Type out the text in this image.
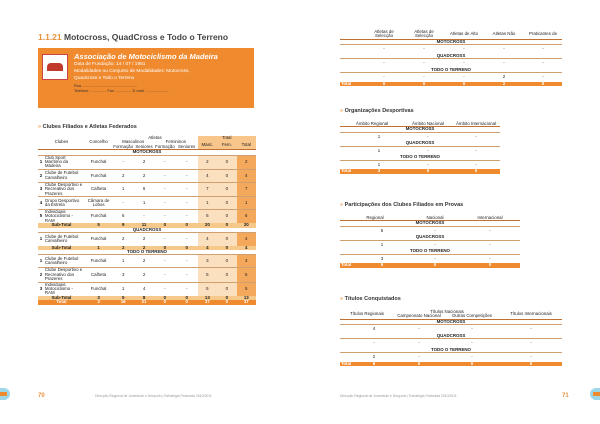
1.1.21 Motocross, QuadCross e Todo o Terreno
Associação de Motociclismo da Madeira
Data de Fundação: 14 / 07 / 1981
Modalidades ou Conjunto de Modalidades: Motocross,
Quadcross e Todo o Terreno
Rua ....................................................
Telefone: ............... Fax: ............... E-mail: ......................
» Clubes Filiados e Atletas Federados
Clubes		Concelho	Atletas				Total		
			Masculinos		Femininos		Masc.	Fem.	Total
			Formação	Seniores	Formação	Seniores			
MOTOCROSS									
1	Club Sport Marítimo da Madeira	Funchal	-	2	-	-	2	0	2
2	Clube de Futebol Carvalheiro	Funchal	2	2	-	-	4	0	4
3	Clube Desportivo e Recreativo dos Prazeres	Calheta	1	6	-	-	7	0	7
4	Grupo Desportivo da Estrela	Câmara de Lobos	-	1	-	-	1	0	1
5	Individuais Motociclismo - RAM	Funchal	6	-	-	-	6	0	6
Sub-Total		5	9	11	0	0	20	0	20
QUADCROSS									
1	Clube de Futebol Carvalheiro	Funchal	2	2	-	-	4	0	4
Sub-Total		1	2	2	0	0	4	0	4
TODO O TERRENO									
1	Clube de Futebol Carvalheiro	Funchal	1	2	-	-	3	0	3
2	Clube Desportivo e Recreativo dos Prazeres	Calheta	3	2	-	-	5	0	5
3	Individuais Motociclismo - RAM	Funchal	1	4	-	-	5	0	5
Sub-Total		3	5	8	0	0	13	0	13
Total		3	16	21	0	0	37	0	37
70	Direcção Regional de Juventude e Desporto | Estratégia Federada 2010/2011
	Atletas de Selecção	Atletas de Selecção	Atletas de Alto	Atletas Não	Praticantes de
MOTOCROSS					
	-	-	-	-	-
QUADCROSS					
	-	-	-	-	-
TODO O TERRENO					
	-	-	-	2	-
Total	0	0	0	2	0
» Organizações Desportivas
Âmbito Regional		Âmbito Nacional	Âmbito Internacional
MOTOCROSS			
	1	-	-
QUADCROSS			
	1	-	-
TODO O TERRENO			
	1	-	-
Total	3	0	0
» Participações dos Clubes Filiados em Provas
Regional		Nacional	Internacional
MOTOCROSS			
	5	-	-
QUADCROSS			
	1	-	-
TODO O TERRENO			
	3	-	-
Total	9	0	0
» Títulos Conquistados
Títulos Regionais		Títulos Nacionais		Títulos Internacionais
		Campeonato Nacional	Outras Competições	
MOTOCROSS				
	4	-	-	-
QUADCROSS				
	-	-	-	-
TODO O TERRENO				
	2	-	-	-
Total	6	0	0	0
Direcção Regional de Juventude e Desporto | Estratégia Federada 2010/2011	71
